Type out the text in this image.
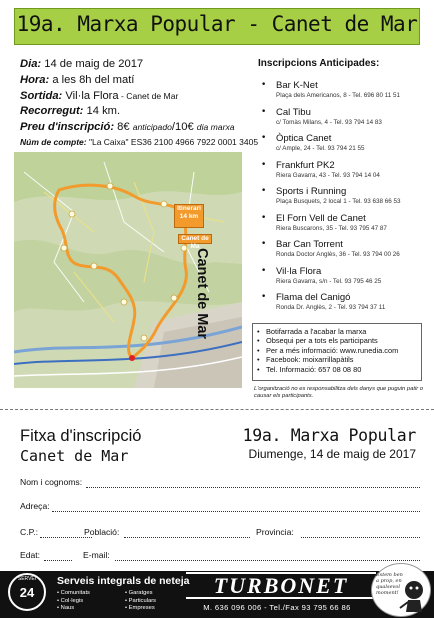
19a. Marxa Popular - Canet de Mar
Dia: 14 de maig de 2017
Hora: a les 8h del matí
Sortida: Vil·la Flora - Canet de Mar
Recorregut: 14 km.
Preu d'inscripció: 8€ anticipado/10€ dia marxa
Núm de compte: "La Caixa" ES36 2100 4966 7922 0001 3405
Itinerari
14 km
Canet de Ma
Canet de Mar
Inscripcions Anticipades:
• Bar K-Net
Plaça dels Americanos, 8 - Tel. 696 80 11 51
• Cal Tibu
c/ Tomàs Milans, 4 - Tel. 93 794 14 83
• Òptica Canet
c/ Ample, 24 - Tel. 93 794 21 55
• Frankfurt PK2
Riera Gavarra, 43 - Tel. 93 794 14 04
• Sports i Running
Plaça Busquets, 2 local 1 - Tel. 93 638 66 53
• El Forn Vell de Canet
Riera Buscarons, 35 - Tel. 93 795 47 87
• Bar Can Torrent
Ronda Doctor Anglès, 36 - Tel. 93 794 00 26
• Vil·la Flora
Riera Gavarra, s/n - Tel. 93 795 46 25
• Flama del Canigó
Ronda Dr. Anglès, 2 - Tel. 93 794 37 11
• Botifarrada a l'acabar la marxa
• Obsequi per a tots els participants
• Per a més informació: www.runedia.com
• Facebook: moixarrillapàtils
• Tel. Informació: 657 08 08 80
L'organització no es responsabilitza dels danys que puguin patir o causar els participants.
Fitxa d'inscripció
Canet de Mar
19a. Marxa Popular
Diumenge, 14 de maig de 2017
Nom i cognoms:
Adreça:
C.P.:	Població:	Provincia:
Edat:	E-mail:
SERVEI
24
Serveis integrals de neteja
• Comunitats	• Garatges
• Col·legis	• Particulars
• Naus	• Empreses
TURBONET
M. 636 096 006 - Tel./Fax 93 795 66 86
Estem ben a prop, en qualsevol moment!
